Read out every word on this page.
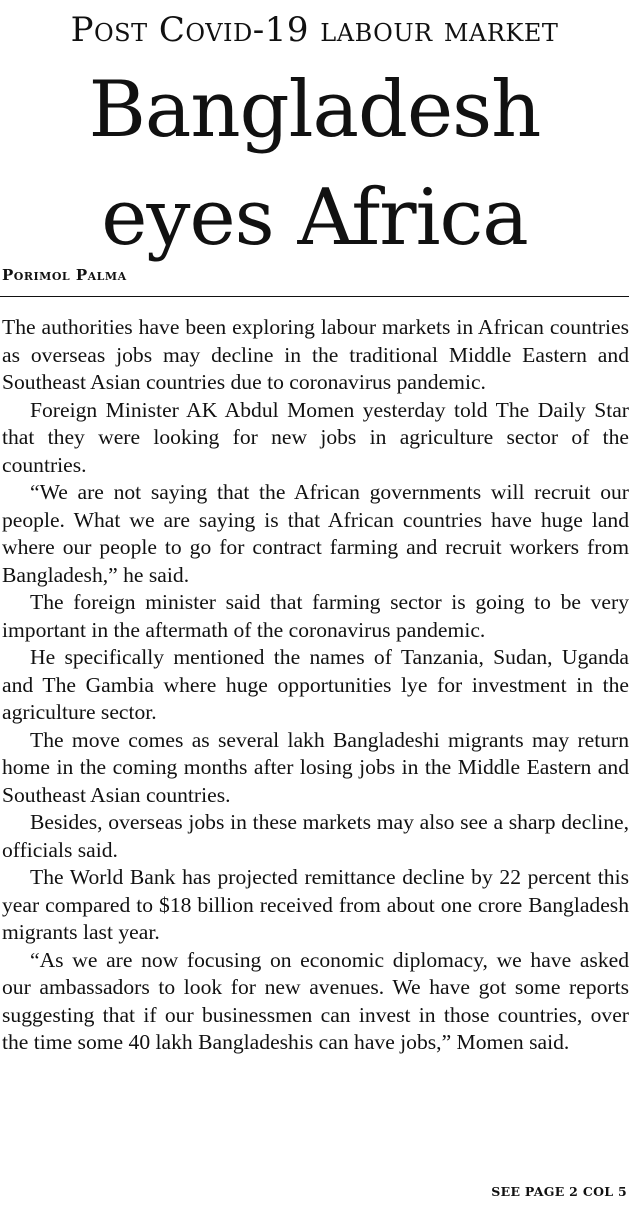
Post Covid-19 labour market
Bangladesh
eyes Africa
Porimol Palma

The authorities have been exploring labour markets in African countries as overseas jobs may decline in the traditional Middle Eastern and Southeast Asian countries due to coronavirus pandemic.

Foreign Minister AK Abdul Momen yesterday told The Daily Star that they were looking for new jobs in agriculture sector of the countries.

“We are not saying that the African governments will recruit our people. What we are saying is that African countries have huge land where our people to go for contract farming and recruit workers from Bangladesh,” he said.

The foreign minister said that farming sector is going to be very important in the aftermath of the coronavirus pandemic.

He specifically mentioned the names of Tanzania, Sudan, Uganda and The Gambia where huge opportunities lye for investment in the agriculture sector.

The move comes as several lakh Bangladeshi migrants may return home in the coming months after losing jobs in the Middle Eastern and Southeast Asian countries.

Besides, overseas jobs in these markets may also see a sharp decline, officials said.

The World Bank has projected remittance decline by 22 percent this year compared to $18 billion received from about one crore Bangladesh migrants last year.

“As we are now focusing on economic diplomacy, we have asked our ambassadors to look for new avenues. We have got some reports suggesting that if our businessmen can invest in those countries, over the time some 40 lakh Bangladeshis can have jobs,” Momen said.

SEE PAGE 2 COL 5
